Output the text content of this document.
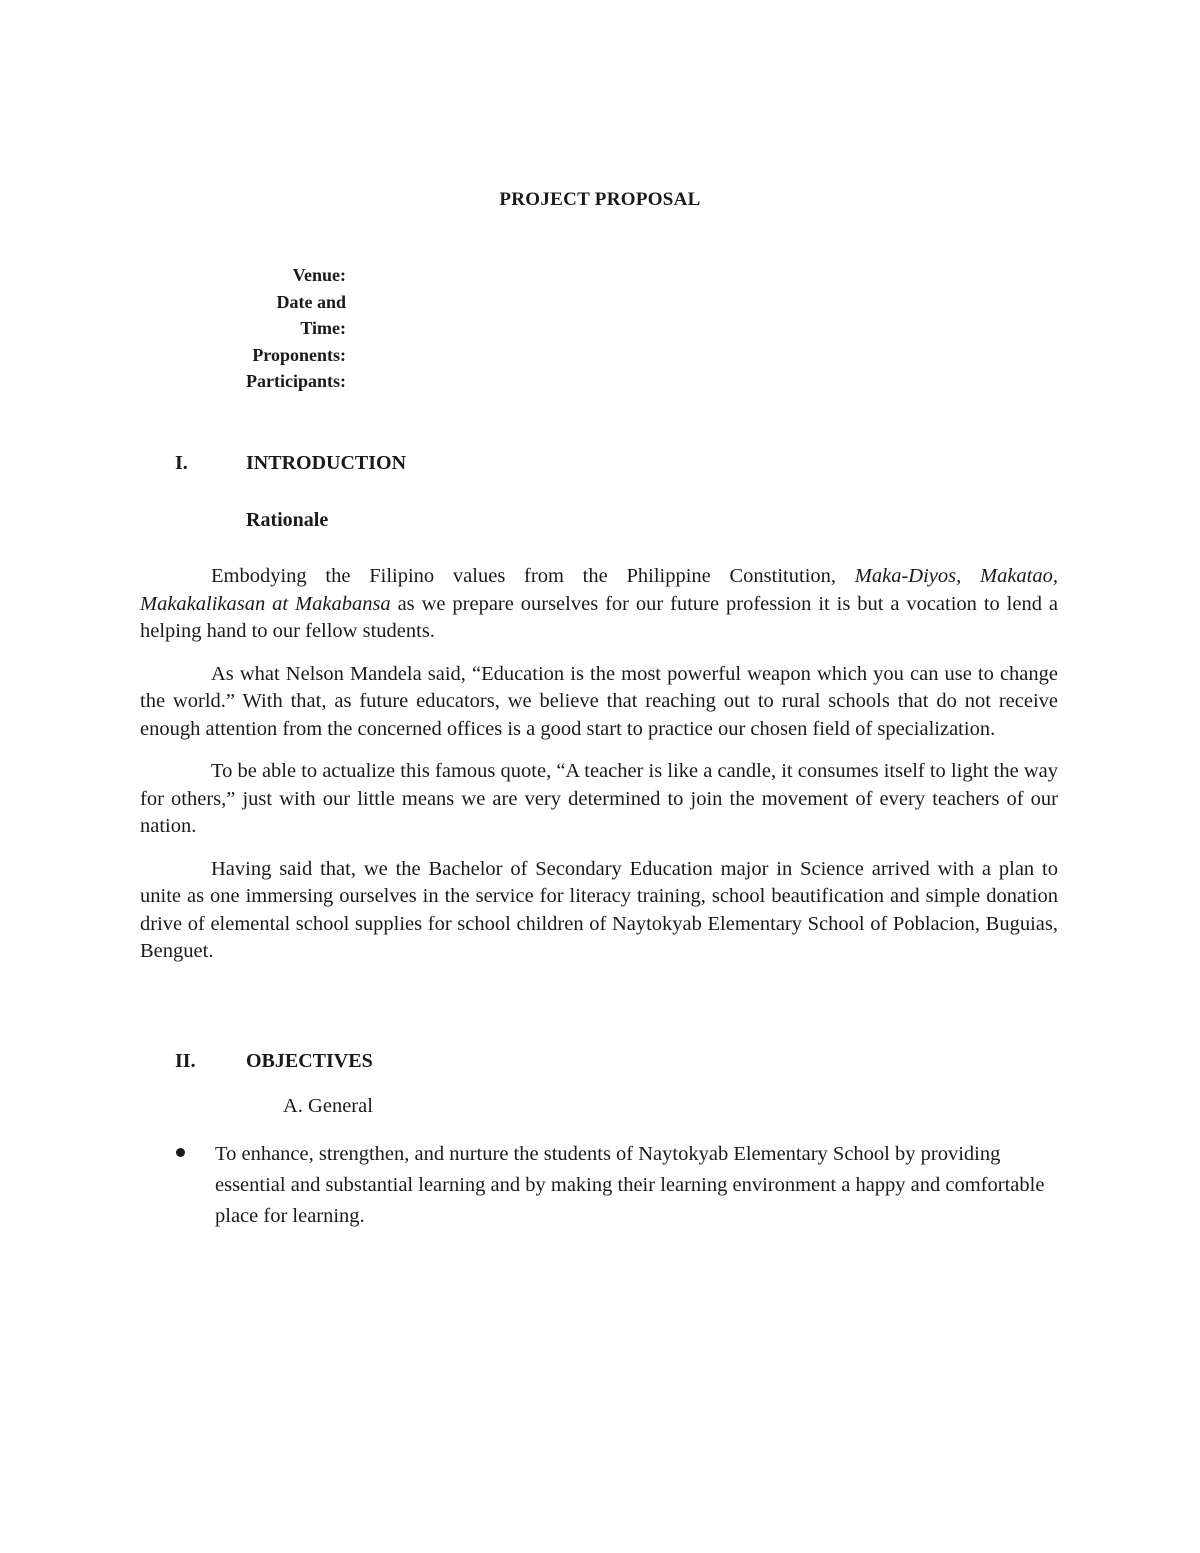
PROJECT PROPOSAL
Venue:
Date and
Time:
Proponents:
Participants:
I.	INTRODUCTION
Rationale

Embodying the Filipino values from the Philippine Constitution, Maka-Diyos, Makatao, Makakalikasan at Makabansa as we prepare ourselves for our future profession it is but a vocation to lend a helping hand to our fellow students.

As what Nelson Mandela said, “Education is the most powerful weapon which you can use to change the world.” With that, as future educators, we believe that reaching out to rural schools that do not receive enough attention from the concerned offices is a good start to practice our chosen field of specialization.

To be able to actualize this famous quote, “A teacher is like a candle, it consumes itself to light the way for others,” just with our little means we are very determined to join the movement of every teachers of our nation.

Having said that, we the Bachelor of Secondary Education major in Science arrived with a plan to unite as one immersing ourselves in the service for literacy training, school beautification and simple donation drive of elemental school supplies for school children of Naytokyab Elementary School of Poblacion, Buguias, Benguet.

II.	OBJECTIVES
A. General
To enhance, strengthen, and nurture the students of Naytokyab Elementary School by providing essential and substantial learning and by making their learning environment a happy and comfortable place for learning.
